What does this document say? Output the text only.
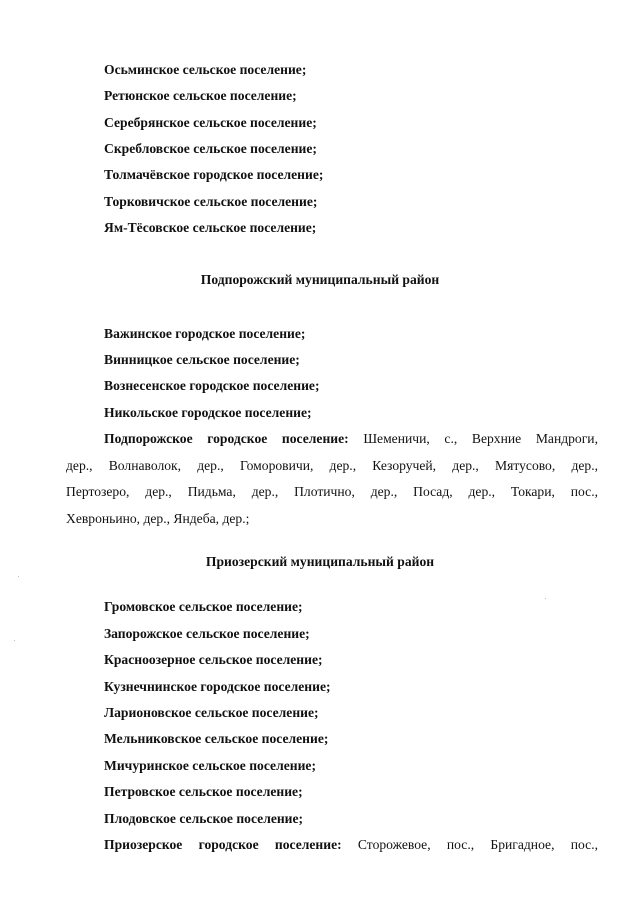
Осьминское сельское поселение;
Ретюнское сельское поселение;
Серебрянское сельское поселение;
Скребловское сельское поселение;
Толмачёвское городское поселение;
Торковичское сельское поселение;
Ям-Тёсовское сельское поселение;
Подпорожский муниципальный район
Важинское городское поселение;
Винницкое сельское поселение;
Вознесенское городское поселение;
Никольское городское поселение;
Подпорожское городское поселение: Шеменичи, с., Верхние Мандроги,
дер., Волнаволок, дер., Гоморовичи, дер., Кезоручей, дер., Мятусово, дер.,
Пертозеро, дер., Пидьма, дер., Плотично, дер., Посад, дер., Токари, пос.,
Хевроньино, дер., Яндеба, дер.;
Приозерский муниципальный район
Громовское сельское поселение;
Запорожское сельское поселение;
Красноозерное сельское поселение;
Кузнечнинское городское поселение;
Ларионовское сельское поселение;
Мельниковское сельское поселение;
Мичуринское сельское поселение;
Петровское сельское поселение;
Плодовское сельское поселение;
Приозерское городское поселение: Сторожевое, пос., Бригадное, пос.,
